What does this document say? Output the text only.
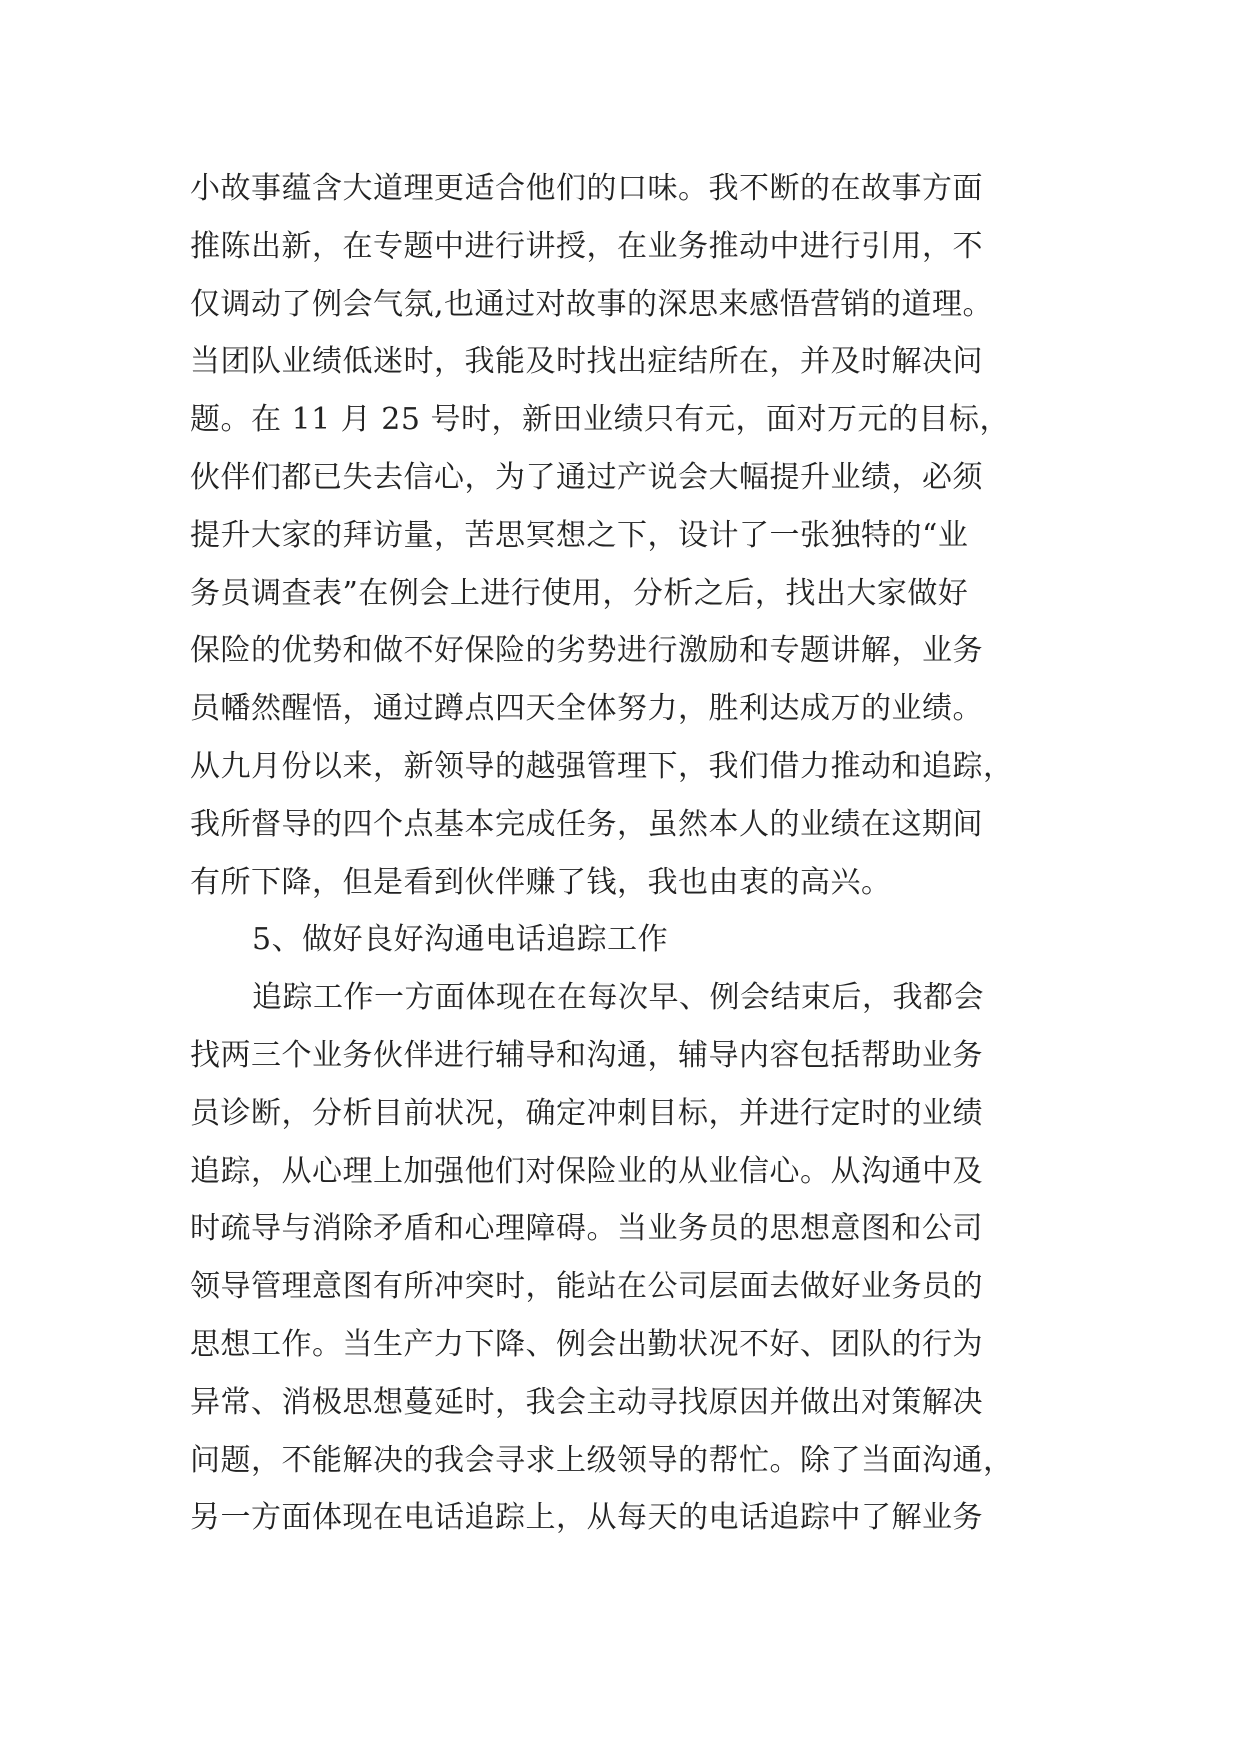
小故事蕴含大道理更适合他们的口味。我不断的在故事方面
推陈出新，在专题中进行讲授，在业务推动中进行引用，不
仅调动了例会气氛,也通过对故事的深思来感悟营销的道理。
当团队业绩低迷时，我能及时找出症结所在，并及时解决问
题。在 11 月 25 号时，新田业绩只有元，面对万元的目标，
伙伴们都已失去信心，为了通过产说会大幅提升业绩，必须
提升大家的拜访量，苦思冥想之下，设计了一张独特的“业
务员调查表”在例会上进行使用，分析之后，找出大家做好
保险的优势和做不好保险的劣势进行激励和专题讲解，业务
员幡然醒悟，通过蹲点四天全体努力，胜利达成万的业绩。
从九月份以来，新领导的越强管理下，我们借力推动和追踪，
我所督导的四个点基本完成任务，虽然本人的业绩在这期间
有所下降，但是看到伙伴赚了钱，我也由衷的高兴。
5、做好良好沟通电话追踪工作
追踪工作一方面体现在在每次早、例会结束后，我都会
找两三个业务伙伴进行辅导和沟通，辅导内容包括帮助业务
员诊断，分析目前状况，确定冲刺目标，并进行定时的业绩
追踪，从心理上加强他们对保险业的从业信心。从沟通中及
时疏导与消除矛盾和心理障碍。当业务员的思想意图和公司
领导管理意图有所冲突时，能站在公司层面去做好业务员的
思想工作。当生产力下降、例会出勤状况不好、团队的行为
异常、消极思想蔓延时，我会主动寻找原因并做出对策解决
问题，不能解决的我会寻求上级领导的帮忙。除了当面沟通，
另一方面体现在电话追踪上，从每天的电话追踪中了解业务
